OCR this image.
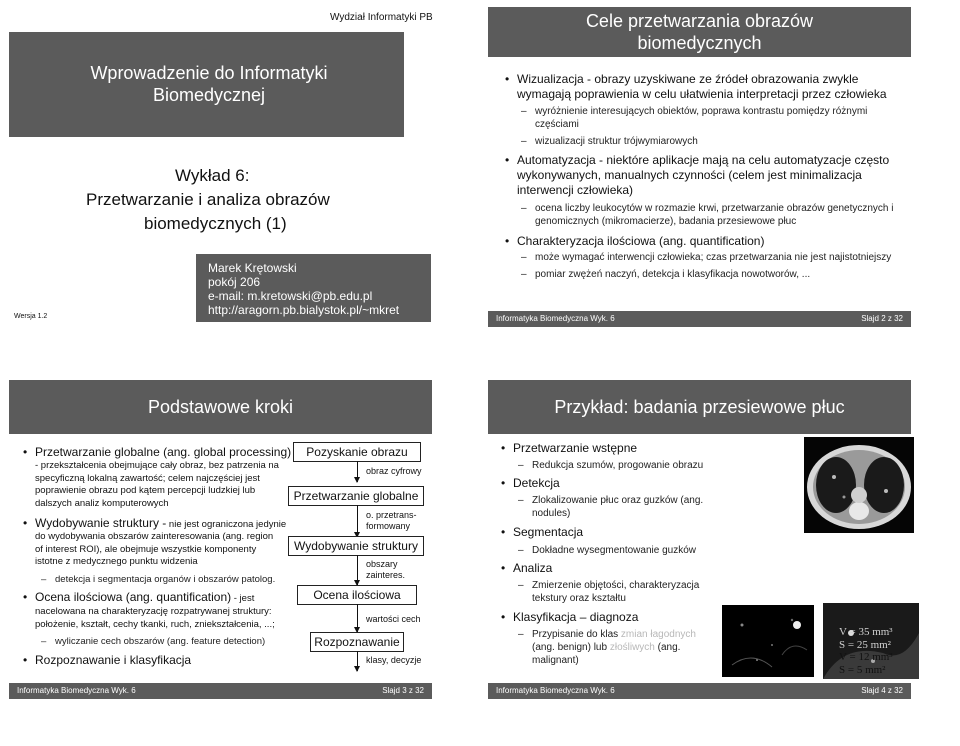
Wydział Informatyki PB
Wprowadzenie do Informatyki Biomedycznej
Wykład 6:
Przetwarzanie i analiza obrazów
biomedycznych (1)
Marek Krętowski
pokój 206
e-mail: m.kretowski@pb.edu.pl
http://aragorn.pb.bialystok.pl/~mkret
Wersja 1.2
Cele przetwarzania obrazów
biomedycznych
• Wizualizacja - obrazy uzyskiwane ze źródeł obrazowania zwykle
wymagają poprawienia w celu ułatwienia interpretacji przez człowieka
– wyróżnienie interesujących obiektów, poprawa kontrastu pomiędzy różnymi
częściami
– wizualizacji struktur trójwymiarowych
• Automatyzacja - niektóre aplikacje mają na celu automatyzacje często
wykonywanych, manualnych czynności (celem jest minimalizacja
interwencji człowieka)
– ocena liczby leukocytów w rozmazie krwi, przetwarzanie obrazów genetycznych i
genomicznych (mikromacierze), badania przesiewowe płuc
• Charakteryzacja ilościowa (ang. quantification)
– może wymagać interwencji człowieka; czas przetwarzania nie jest najistotniejszy
– pomiar zwężeń naczyń, detekcja i klasyfikacja nowotworów, ...
Informatyka Biomedyczna Wyk. 6	Slajd 2 z 32
Podstawowe kroki
• Przetwarzanie globalne (ang. global processing)
- przekształcenia obejmujące cały obraz, bez patrzenia na
specyficzną lokalną zawartość; celem najczęściej jest
poprawienie obrazu pod kątem percepcji ludzkiej lub
dalszych analiz komputerowych
• Wydobywanie struktury - nie jest ograniczona jedynie
do wydobywania obszarów zainteresowania (ang. region
of interest ROI), ale obejmuje wszystkie komponenty
istotne z medycznego punktu widzenia
– detekcja i segmentacja organów i obszarów patolog.
• Ocena ilościowa (ang. quantification) - jest
nacelowana na charakteryzację rozpatrywanej struktury:
położenie, kształt, cechy tkanki, ruch, zniekształcenia, ...;
– wyliczanie cech obszarów (ang. feature detection)
• Rozpoznawanie i klasyfikacja
Pozyskanie obrazu
obraz cyfrowy
Przetwarzanie globalne
o. przetrans-
formowany
Wydobywanie struktury
obszary
zainteres.
Ocena ilościowa
wartości cech
Rozpoznawanie
klasy, decyzje
Informatyka Biomedyczna Wyk. 6	Slajd 3 z 32
Przykład: badania przesiewowe płuc
• Przetwarzanie wstępne
– Redukcja szumów, progowanie obrazu
• Detekcja
– Zlokalizowanie płuc oraz guzków (ang.
nodules)
• Segmentacja
– Dokładne wysegmentowanie guzków
• Analiza
– Zmierzenie objętości, charakteryzacja
tekstury oraz kształtu
• Klasyfikacja – diagnoza
– Przypisanie do klas zmian łagodnych
(ang. benign) lub złośliwych (ang.
malignant)
V = 35 mm³
S = 25 mm²
V = 12 mm³
S = 5 mm²
Informatyka Biomedyczna Wyk. 6	Slajd 4 z 32
